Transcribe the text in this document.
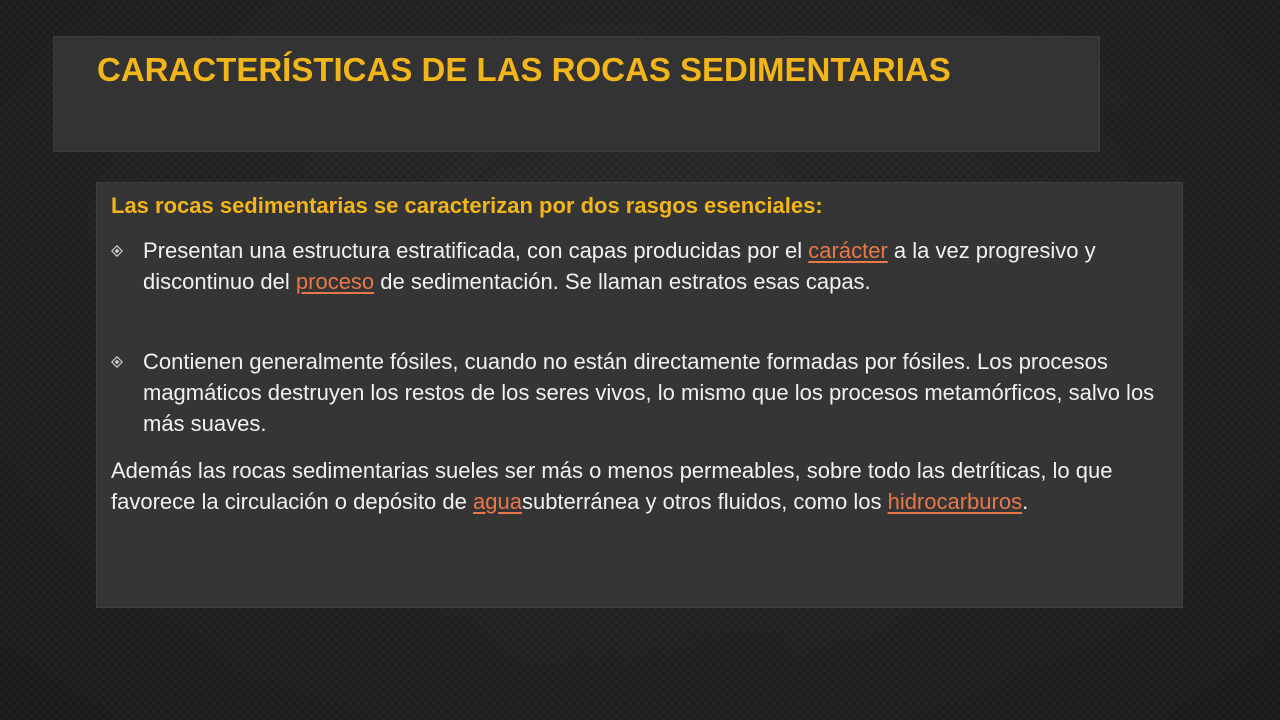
CARACTERÍSTICAS DE LAS ROCAS SEDIMENTARIAS

Las rocas sedimentarias se caracterizan por dos rasgos esenciales:

Presentan una estructura estratificada, con capas producidas por el carácter a la vez progresivo y discontinuo del proceso de sedimentación. Se llaman estratos esas capas.

Contienen generalmente fósiles, cuando no están directamente formadas por fósiles. Los procesos magmáticos destruyen los restos de los seres vivos, lo mismo que los procesos metamórficos, salvo los más suaves.

Además las rocas sedimentarias sueles ser más o menos permeables, sobre todo las detríticas, lo que favorece la circulación o depósito de aguasubterránea y otros fluidos, como los hidrocarburos.
